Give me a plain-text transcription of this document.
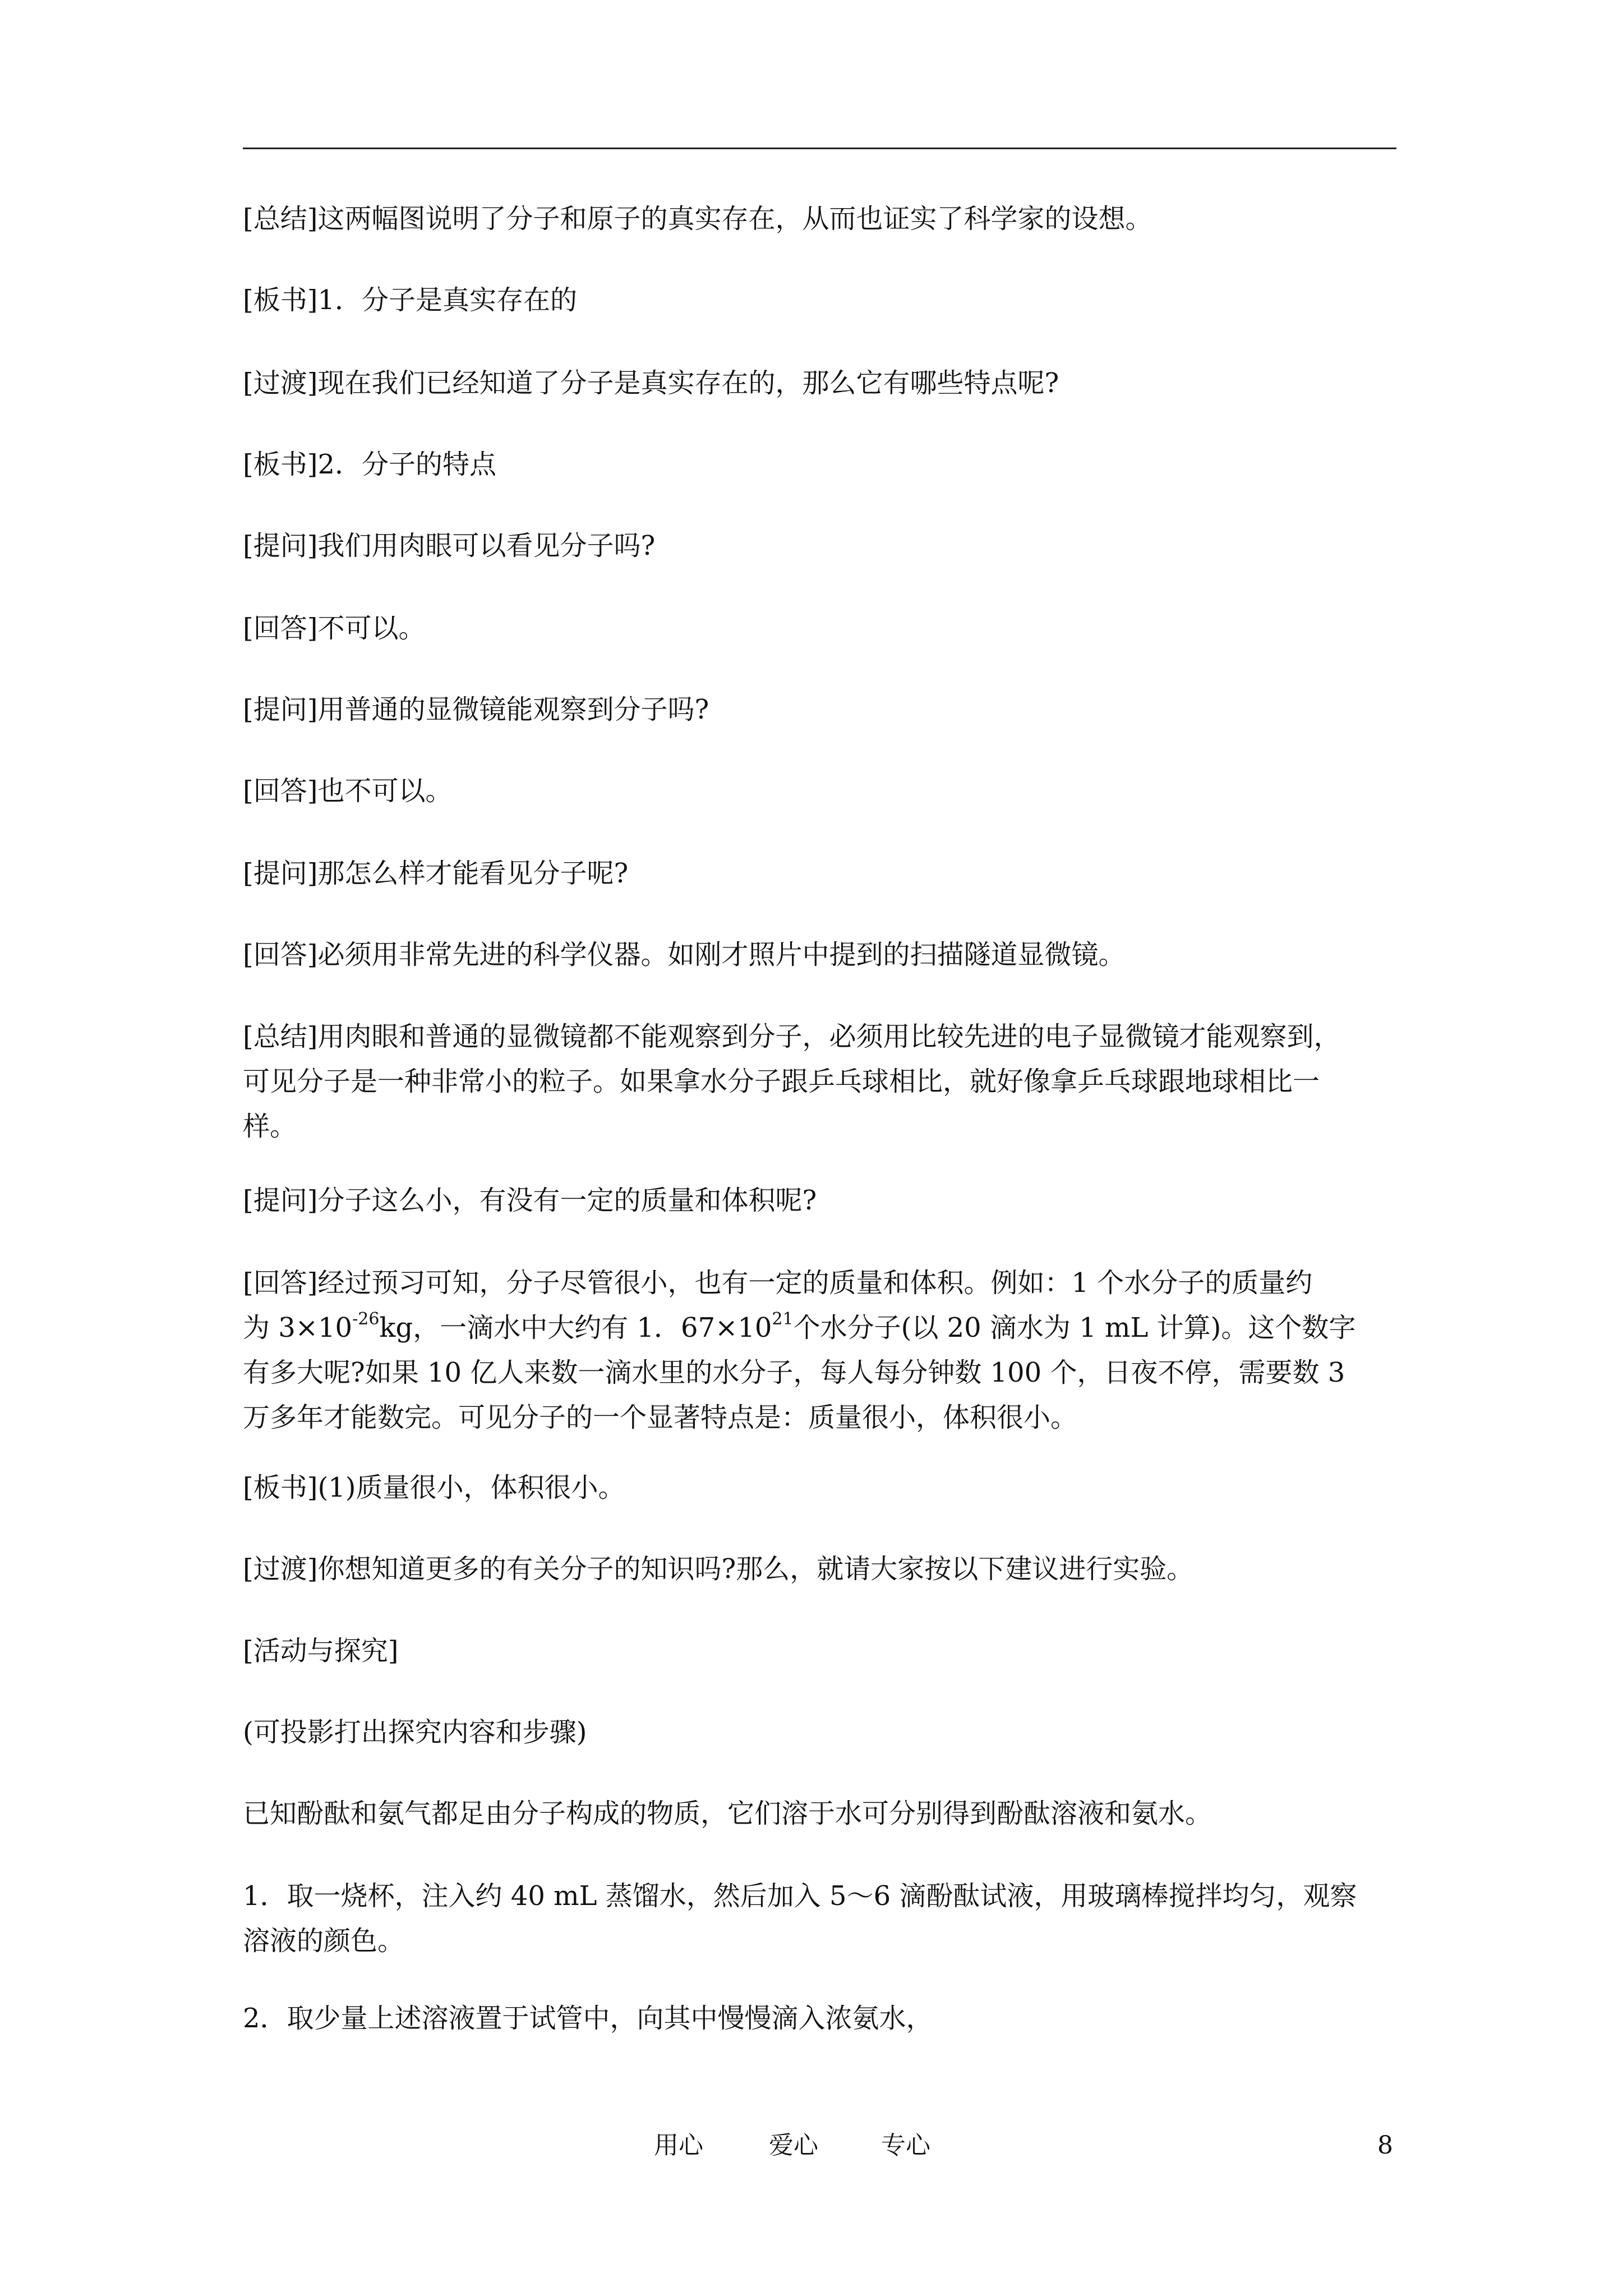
[总结]这两幅图说明了分子和原子的真实存在，从而也证实了科学家的设想。
[板书]1．分子是真实存在的
[过渡]现在我们已经知道了分子是真实存在的，那么它有哪些特点呢?
[板书]2．分子的特点
[提问]我们用肉眼可以看见分子吗?
[回答]不可以。
[提问]用普通的显微镜能观察到分子吗?
[回答]也不可以。
[提问]那怎么样才能看见分子呢?
[回答]必须用非常先进的科学仪器。如刚才照片中提到的扫描隧道显微镜。
[总结]用肉眼和普通的显微镜都不能观察到分子，必须用比较先进的电子显微镜才能观察到，
可见分子是一种非常小的粒子。如果拿水分子跟乒乓球相比，就好像拿乒乓球跟地球相比一
样。
[提问]分子这么小，有没有一定的质量和体积呢?
[回答]经过预习可知，分子尽管很小，也有一定的质量和体积。例如：1 个水分子的质量约
为 $3\times 10^{-26}kg$，一滴水中大约有 1．$67\times 10^{21}$个水分子(以 20 滴水为 1 mL 计算)。这个数字
有多大呢?如果 10 亿人来数一滴水里的水分子，每人每分钟数 100 个，日夜不停，需要数 3
万多年才能数完。可见分子的一个显著特点是：质量很小，体积很小。
[板书](1)质量很小，体积很小。
[过渡]你想知道更多的有关分子的知识吗?那么，就请大家按以下建议进行实验。
[活动与探究]
(可投影打出探究内容和步骤)
已知酚酞和氨气都足由分子构成的物质，它们溶于水可分别得到酚酞溶液和氨水。
1．取一烧杯，注入约 40 mL 蒸馏水，然后加入 5～6 滴酚酞试液，用玻璃棒搅拌均匀，观察
溶液的颜色。
2．取少量上述溶液置于试管中，向其中慢慢滴入浓氨水，
用心	爱心	专心	8
